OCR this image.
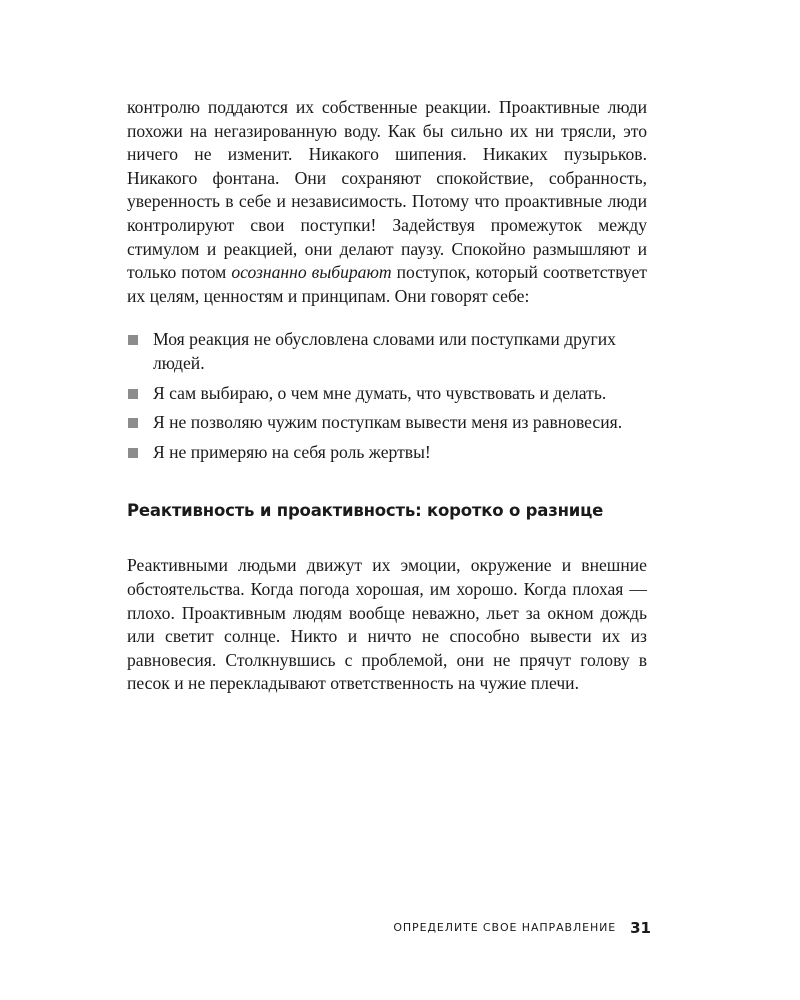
контролю поддаются их собственные реакции. Проактивные люди похожи на негазированную воду. Как бы сильно их ни трясли, это ничего не изменит. Никакого шипения. Никаких пузырьков. Никакого фонтана. Они сохраняют спокойствие, собранность, уверенность в себе и независимость. Потому что проактивные люди контролируют свои поступки! Задействуя промежуток между стимулом и реакцией, они делают паузу. Спокойно размышляют и только потом осознанно выбирают поступок, который соответствует их целям, ценностям и принципам. Они говорят себе:

Моя реакция не обусловлена словами или поступками других людей.
Я сам выбираю, о чем мне думать, что чувствовать и делать.
Я не позволяю чужим поступкам вывести меня из равновесия.
Я не примеряю на себя роль жертвы!
Реактивность и проактивность: коротко о разнице

Реактивными людьми движут их эмоции, окружение и внешние обстоятельства. Когда погода хорошая, им хорошо. Когда плохая — плохо. Проактивным людям вообще неважно, льет за окном дождь или светит солнце. Никто и ничто не способно вывести их из равновесия. Столкнувшись с проблемой, они не прячут голову в песок и не перекладывают ответственность на чужие плечи.

ОПРЕДЕЛИТЕ СВОЕ НАПРАВЛЕНИЕ 31
